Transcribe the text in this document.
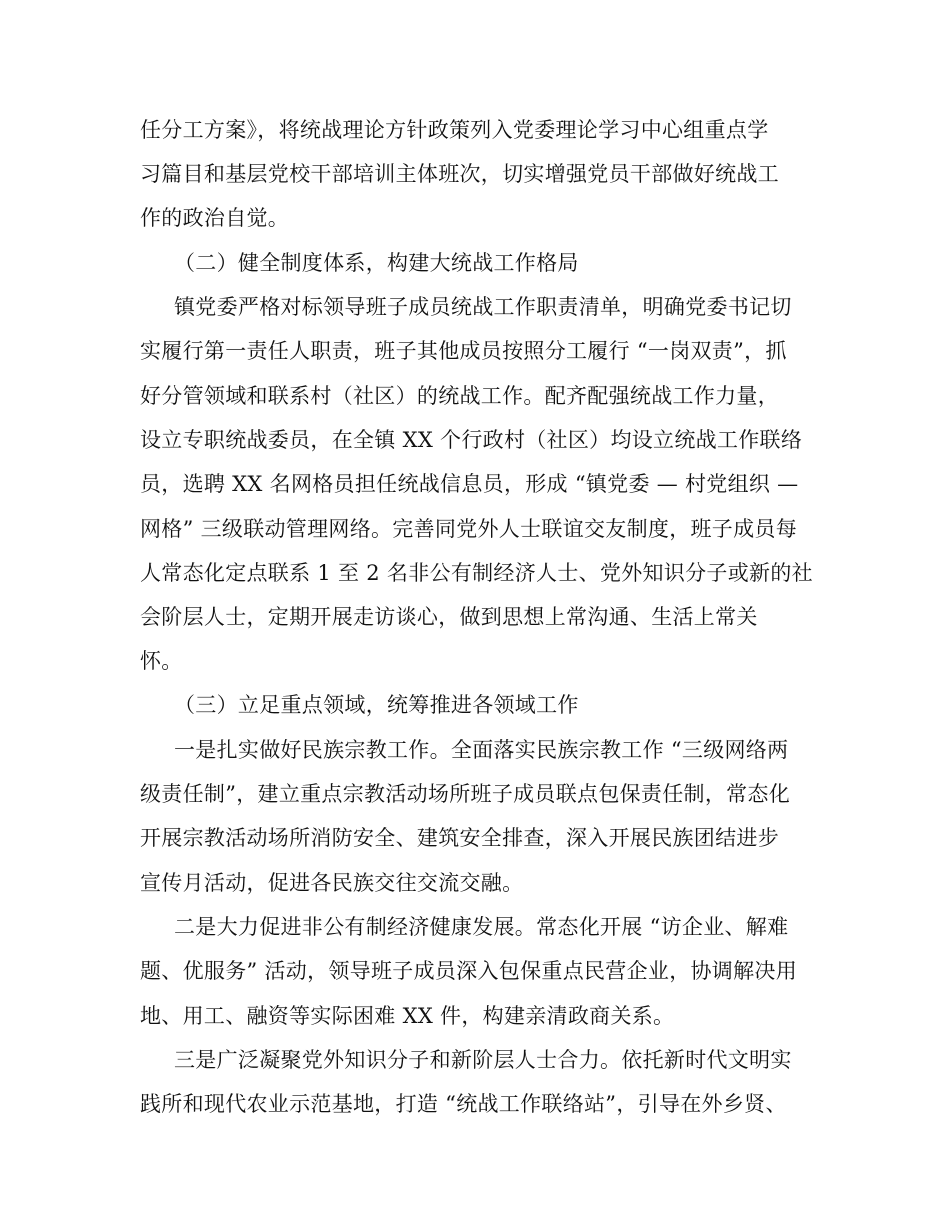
任分工方案》，将统战理论方针政策列入党委理论学习中心组重点学
习篇目和基层党校干部培训主体班次，切实增强党员干部做好统战工
作的政治自觉。
（二）健全制度体系，构建大统战工作格局
镇党委严格对标领导班子成员统战工作职责清单，明确党委书记切
实履行第一责任人职责，班子其他成员按照分工履行 “一岗双责”，抓
好分管领域和联系村（社区）的统战工作。配齐配强统战工作力量，
设立专职统战委员，在全镇 XX 个行政村（社区）均设立统战工作联络
员，选聘 XX 名网格员担任统战信息员，形成 “镇党委 — 村党组织 —
网格” 三级联动管理网络。完善同党外人士联谊交友制度，班子成员每
人常态化定点联系 1 至 2 名非公有制经济人士、党外知识分子或新的社
会阶层人士，定期开展走访谈心，做到思想上常沟通、生活上常关
怀。
（三）立足重点领域，统筹推进各领域工作
一是扎实做好民族宗教工作。全面落实民族宗教工作 “三级网络两
级责任制”，建立重点宗教活动场所班子成员联点包保责任制，常态化
开展宗教活动场所消防安全、建筑安全排查，深入开展民族团结进步
宣传月活动，促进各民族交往交流交融。
二是大力促进非公有制经济健康发展。常态化开展 “访企业、解难
题、优服务” 活动，领导班子成员深入包保重点民营企业，协调解决用
地、用工、融资等实际困难 XX 件，构建亲清政商关系。
三是广泛凝聚党外知识分子和新阶层人士合力。依托新时代文明实
践所和现代农业示范基地，打造 “统战工作联络站”，引导在外乡贤、
